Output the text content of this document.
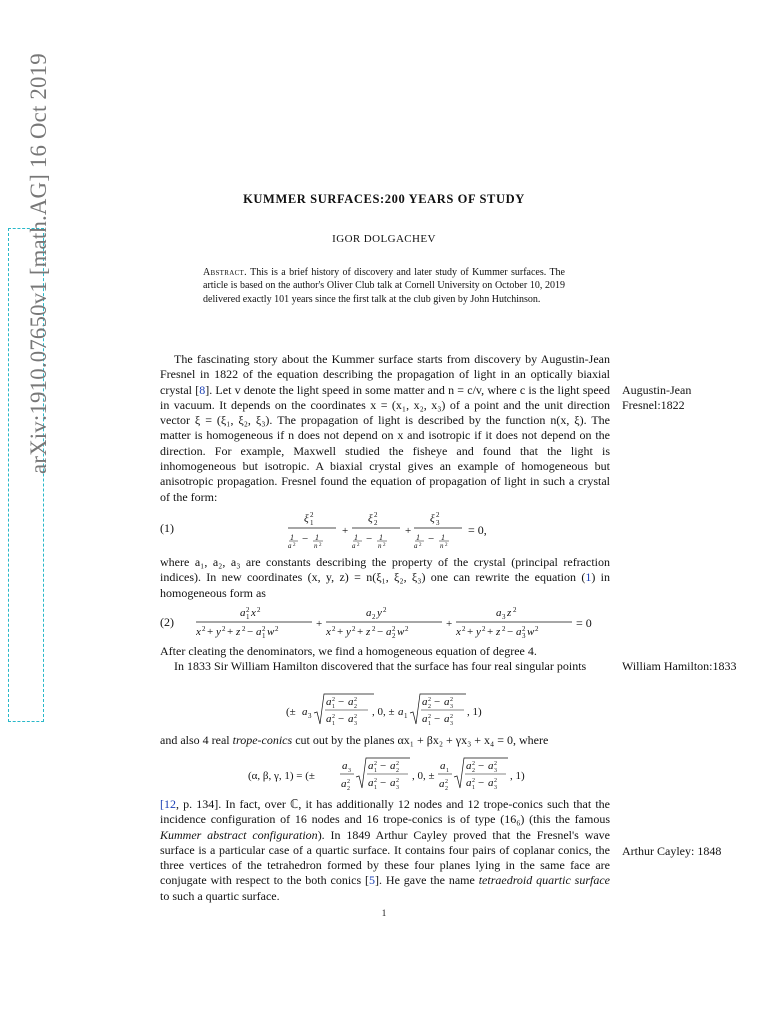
arXiv:1910.07650v1 [math.AG] 16 Oct 2019	KUMMER SURFACES:200 YEARS OF STUDY
IGOR DOLGACHEV
Abstract. This is a brief history of discovery and later study of Kummer surfaces. The article is based on the author's Oliver Club talk at Cornell University on October 10, 2019 delivered exactly 101 years since the first talk at the club given by John Hutchinson.
The fascinating story about the Kummer surface starts from discovery by Augustin-Jean Fresnel in 1822 of the equation describing the propagation of light in an optically biaxial crystal [8]. Let v denote the light speed in some matter and n = c/v, where c is the light speed in vacuum. It depends on the coordinates x = (x₁, x₂, x₃) of a point and the unit direction vector ξ = (ξ₁, ξ₂, ξ₃). The propagation of light is described by the function n(x, ξ). The matter is homogeneous if n does not depend on x and isotropic if it does not depend on the direction. For example, Maxwell studied the fisheye and found that the light is inhomogeneous but isotropic. A biaxial crystal gives an example of homogeneous but anisotropic propagation. Fresnel found the equation of propagation of light in such a crystal of the form:
Augustin-Jean Fresnel:1822
(1)
ξ 2
1
1
a 2
− 1
n 2
+
ξ 2
2
1
a 2
− 1
n 2
+
ξ 2
3
1
a 2
− 1
n 2
= 0,
where a₁, a₂, a₃ are constants describing the property of the crystal (principal refraction indices). In new coordinates (x, y, z) = n(ξ₁, ξ₂, ξ₃) one can rewrite the equation (1) in homogeneous form as
(2)
a 2
1 x 2
x 2 + y 2 + z 2 − a 2
1 w 2	+
a 2 y 2
x 2 + y 2 + z 2 − a 2
2 w 2	+
a 3 z 2
x 2 + y 2 + z 2 − a 2
3 w 2	= 0
After cleating the denominators, we find a homogeneous equation of degree 4.
In 1833 Sir William Hamilton discovered that the surface has four real singular points	William Hamilton:1833
(± a 3
a 2
1 − a 2
2
a 2
1 − a 2
3
, 0, ± a 1
a 2
2 − a 2
3
a 2
1 − a 2
3
, 1)
and also 4 real trope-conics cut out by the planes αx₁ + βx₂ + γx₃ + x₄ = 0, where
(α, β, γ, 1) = (±
a 3
a 2
2
a 2
1 − a 2
2
a 2
1 − a 2
3
, 0, ±
a 1
a 2
2
a 2
2 − a 2
3
a 2
1 − a 2
3
, 1)
[12, p. 134]. In fact, over ℂ, it has additionally 12 nodes and 12 trope-conics such that the incidence configuration of 16 nodes and 16 trope-conics is of type (16₆) (this the famous Kummer abstract configuration). In 1849 Arthur Cayley proved that the Fresnel's wave surface is a particular case of a quartic surface. It contains four pairs of coplanar conics, the three vertices of the tetrahedron formed by these four planes lying in the same face are conjugate with respect to the both conics [5]. He gave the name tetraedroid quartic surface to such a quartic surface.
Arthur Cayley: 1848
1
